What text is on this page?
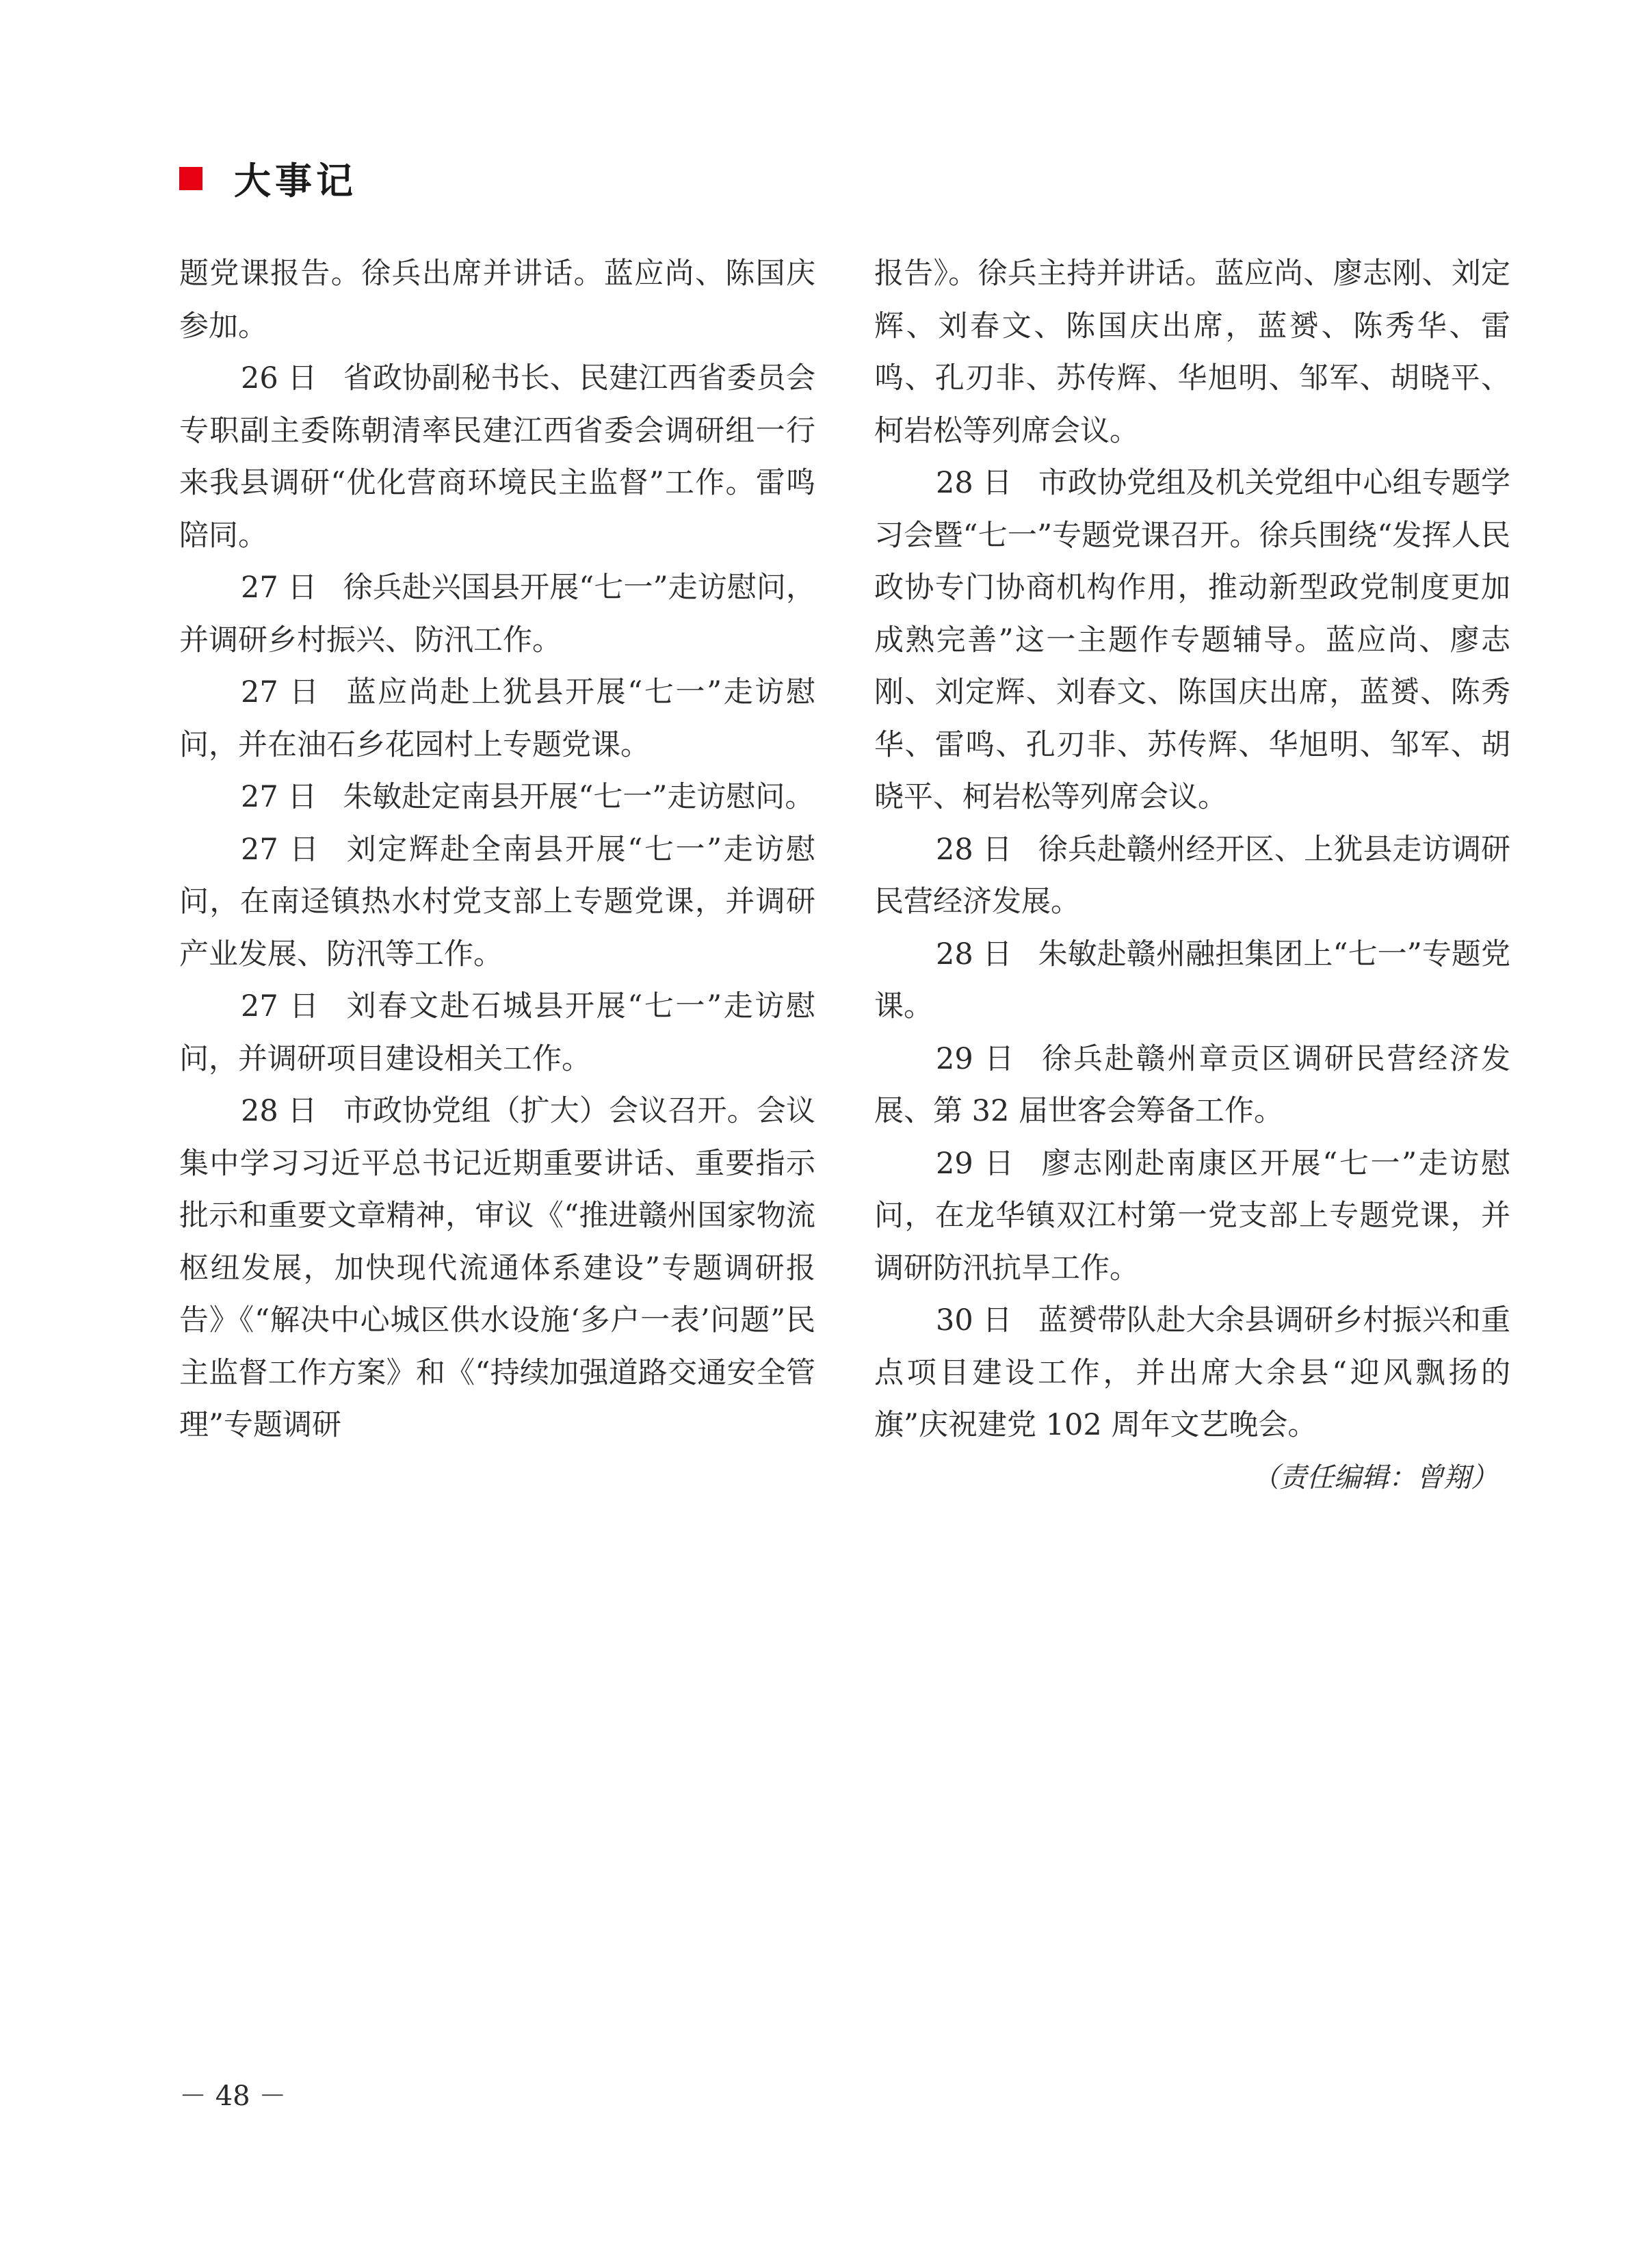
大事记

题党课报告。徐兵出席并讲话。蓝应尚、陈国庆参加。

26 日 省政协副秘书长、民建江西省委员会专职副主委陈朝清率民建江西省委会调研组一行来我县调研“优化营商环境民主监督”工作。雷鸣陪同。

27 日 徐兵赴兴国县开展“七一”走访慰问，并调研乡村振兴、防汛工作。

27 日 蓝应尚赴上犹县开展“七一”走访慰问，并在油石乡花园村上专题党课。

27 日 朱敏赴定南县开展“七一”走访慰问。

27 日 刘定辉赴全南县开展“七一”走访慰问，在南迳镇热水村党支部上专题党课，并调研产业发展、防汛等工作。

27 日 刘春文赴石城县开展“七一”走访慰问，并调研项目建设相关工作。

28 日 市政协党组（扩大）会议召开。会议集中学习习近平总书记近期重要讲话、重要指示批示和重要文章精神，审议《“推进赣州国家物流枢纽发展，加快现代流通体系建设”专题调研报告》《“解决中心城区供水设施‘多户一表’问题”民主监督工作方案》和《“持续加强道路交通安全管理”专题调研

报告》。徐兵主持并讲话。蓝应尚、廖志刚、刘定辉、刘春文、陈国庆出席，蓝赟、陈秀华、雷鸣、孔刃非、苏传辉、华旭明、邹军、胡晓平、柯岩松等列席会议。

28 日 市政协党组及机关党组中心组专题学习会暨“七一”专题党课召开。徐兵围绕“发挥人民政协专门协商机构作用，推动新型政党制度更加成熟完善”这一主题作专题辅导。蓝应尚、廖志刚、刘定辉、刘春文、陈国庆出席，蓝赟、陈秀华、雷鸣、孔刃非、苏传辉、华旭明、邹军、胡晓平、柯岩松等列席会议。

28 日 徐兵赴赣州经开区、上犹县走访调研民营经济发展。

28 日 朱敏赴赣州融担集团上“七一”专题党课。

29 日 徐兵赴赣州章贡区调研民营经济发展、第 32 届世客会筹备工作。

29 日 廖志刚赴南康区开展“七一”走访慰问，在龙华镇双江村第一党支部上专题党课，并调研防汛抗旱工作。

30 日 蓝赟带队赴大余县调研乡村振兴和重点项目建设工作，并出席大余县“迎风飘扬的旗”庆祝建党 102 周年文艺晚会。

（责任编辑：曾翔）
－ 48 －
